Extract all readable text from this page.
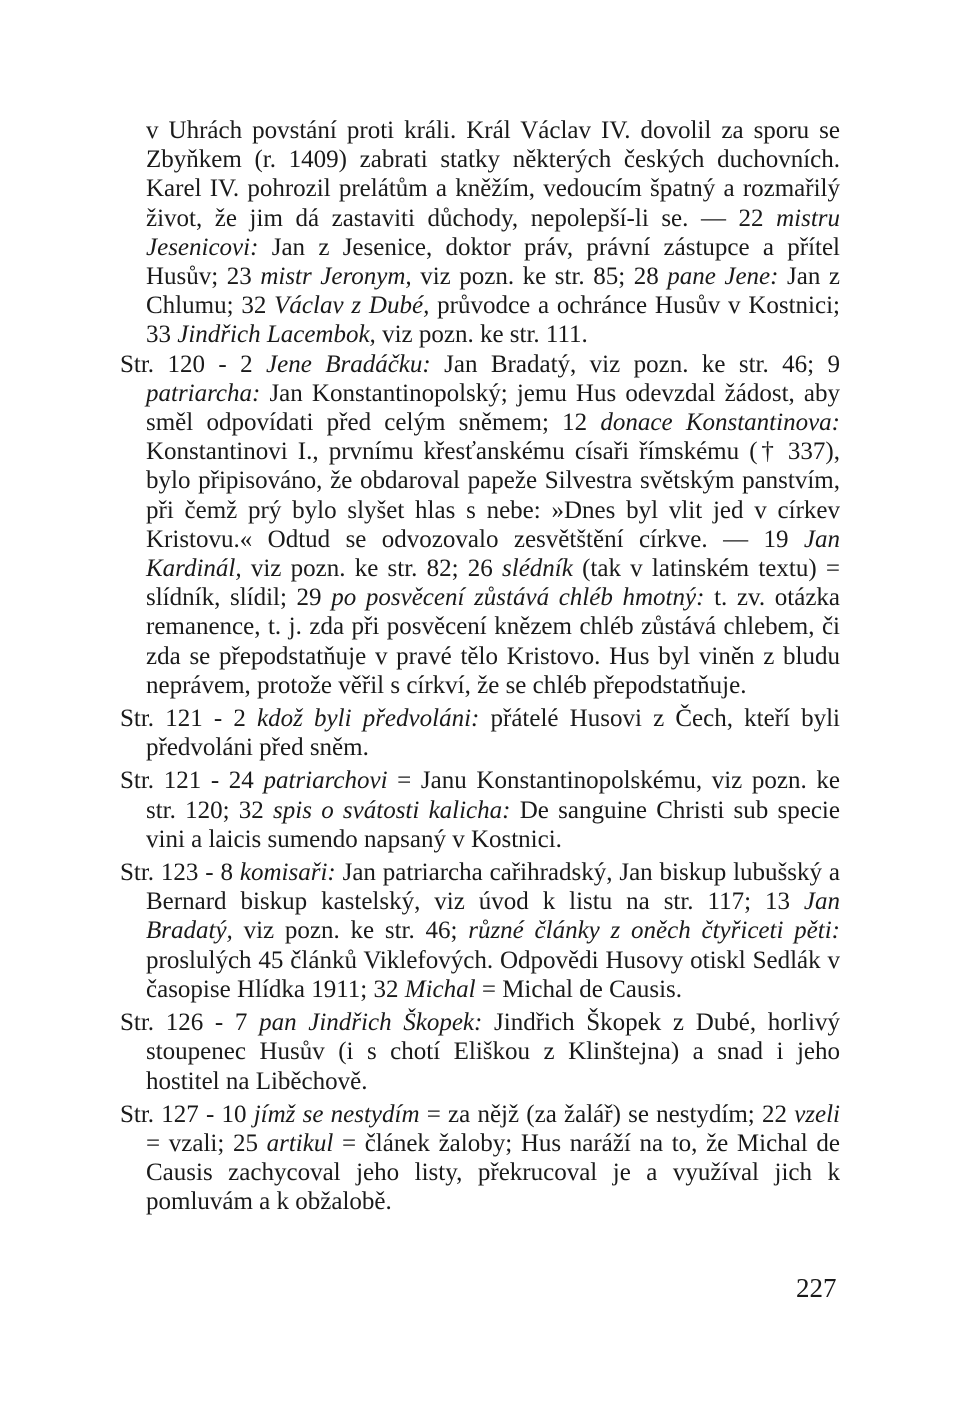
v Uhrách povstání proti králi. Král Václav IV. dovolil za sporu se Zbyňkem (r. 1409) zabrati statky některých českých duchovních. Karel IV. pohrozil prelátům a kněžím, vedoucím špatný a rozmařilý život, že jim dá zastaviti důchody, nepolepší-li se. — 22 mistru Jesenicovi: Jan z Jesenice, doktor práv, právní zástupce a přítel Husův; 23 mistr Jeronym, viz pozn. ke str. 85; 28 pane Jene: Jan z Chlumu; 32 Václav z Dubé, průvodce a ochránce Husův v Kostnici; 33 Jindřich Lacembok, viz pozn. ke str. 111.

Str. 120 - 2 Jene Bradáčku: Jan Bradatý, viz pozn. ke str. 46; 9 patriarcha: Jan Konstantinopolský; jemu Hus odevzdal žádost, aby směl odpovídati před celým sněmem; 12 donace Konstantinova: Konstantinovi I., prvnímu křesťanskému císaři římskému († 337), bylo připisováno, že obdaroval papeže Silvestra světským panstvím, při čemž prý bylo slyšet hlas s nebe: »Dnes byl vlit jed v církev Kristovu.« Odtud se odvozovalo zesvětštění církve. — 19 Jan Kardinál, viz pozn. ke str. 82; 26 slédník (tak v latinském textu) = slídník, slídil; 29 po posvěcení zůstává chléb hmotný: t. zv. otázka remanence, t. j. zda při posvěcení knězem chléb zůstává chlebem, či zda se přepodstatňuje v pravé tělo Kristovo. Hus byl viněn z bludu neprávem, protože věřil s církví, že se chléb přepodstatňuje.

Str. 121 - 2 kdož byli předvoláni: přátelé Husovi z Čech, kteří byli předvoláni před sněm.

Str. 121 - 24 patriarchovi = Janu Konstantinopolskému, viz pozn. ke str. 120; 32 spis o svátosti kalicha: De sanguine Christi sub specie vini a laicis sumendo napsaný v Kostnici.

Str. 123 - 8 komisaři: Jan patriarcha cařihradský, Jan biskup lubušský a Bernard biskup kastelský, viz úvod k listu na str. 117; 13 Jan Bradatý, viz pozn. ke str. 46; různé články z oněch čtyřiceti pěti: proslulých 45 článků Viklefových. Odpovědi Husovy otiskl Sedlák v časopise Hlídka 1911; 32 Michal = Michal de Causis.

Str. 126 - 7 pan Jindřich Škopek: Jindřich Škopek z Dubé, horlivý stoupenec Husův (i s chotí Eliškou z Klinštejna) a snad i jeho hostitel na Liběchově.

Str. 127 - 10 jímž se nestydím = za nějž (za žalář) se nestydím; 22 vzeli = vzali; 25 artikul = článek žaloby; Hus naráží na to, že Michal de Causis zachycoval jeho listy, překrucoval je a využíval jich k pomluvám a k obžalobě.

227
